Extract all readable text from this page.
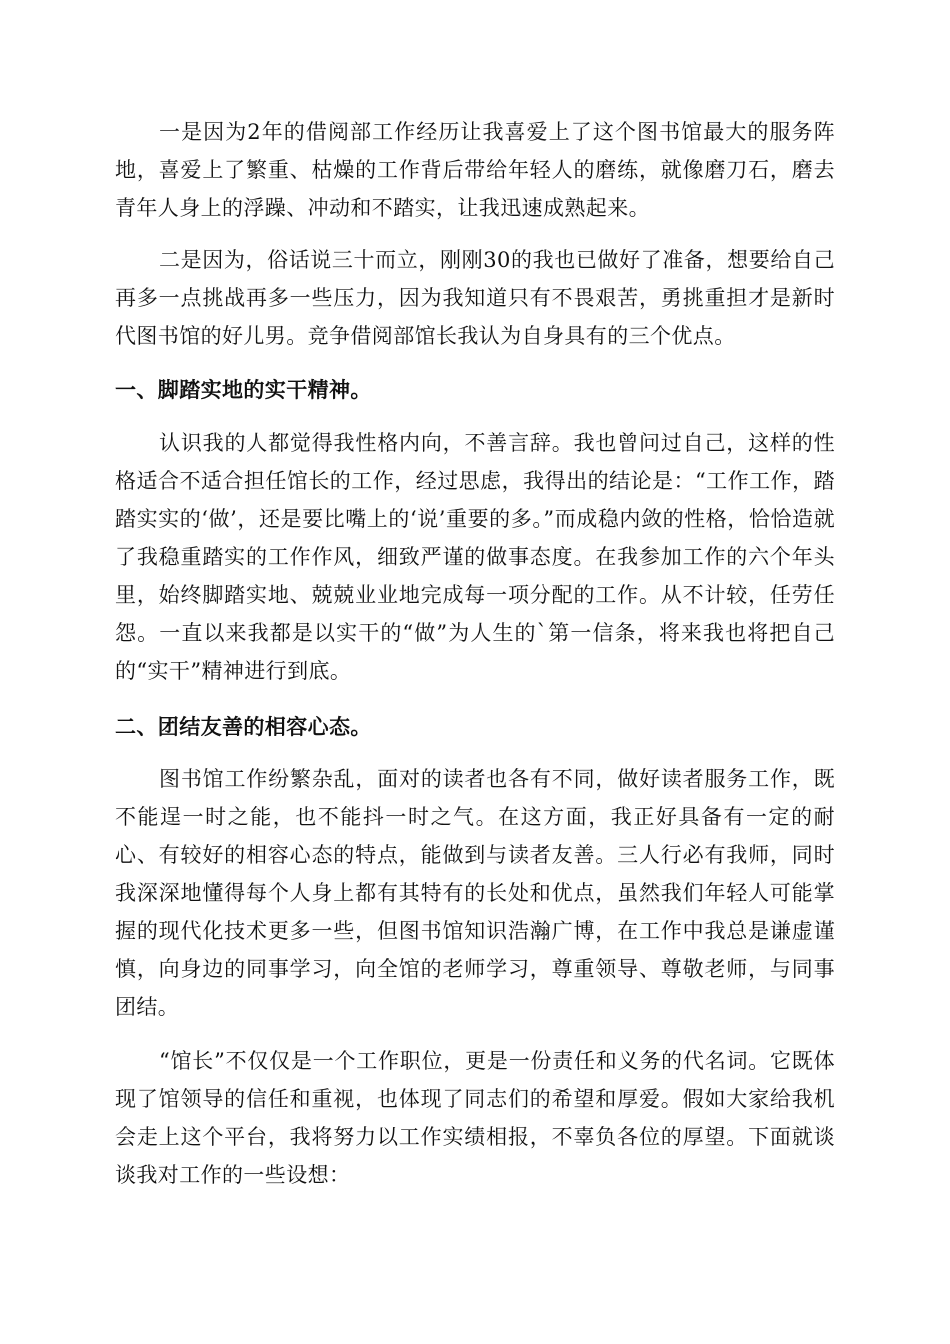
一是因为2年的借阅部工作经历让我喜爱上了这个图书馆最大的服务阵地，喜爱上了繁重、枯燥的工作背后带给年轻人的磨练，就像磨刀石，磨去青年人身上的浮躁、冲动和不踏实，让我迅速成熟起来。

二是因为，俗话说三十而立，刚刚30的我也已做好了准备，想要给自己再多一点挑战再多一些压力，因为我知道只有不畏艰苦，勇挑重担才是新时代图书馆的好儿男。竞争借阅部馆长我认为自身具有的三个优点。

一、脚踏实地的实干精神。

认识我的人都觉得我性格内向，不善言辞。我也曾问过自己，这样的性格适合不适合担任馆长的工作，经过思虑，我得出的结论是：“工作工作，踏踏实实的‘做’，还是要比嘴上的‘说’重要的多。”而成稳内敛的性格，恰恰造就了我稳重踏实的工作作风，细致严谨的做事态度。在我参加工作的六个年头里，始终脚踏实地、兢兢业业地完成每一项分配的工作。从不计较，任劳任怨。一直以来我都是以实干的“做”为人生的`第一信条，将来我也将把自己的“实干”精神进行到底。

二、团结友善的相容心态。

图书馆工作纷繁杂乱，面对的读者也各有不同，做好读者服务工作，既不能逞一时之能，也不能抖一时之气。在这方面，我正好具备有一定的耐心、有较好的相容心态的特点，能做到与读者友善。三人行必有我师，同时我深深地懂得每个人身上都有其特有的长处和优点，虽然我们年轻人可能掌握的现代化技术更多一些，但图书馆知识浩瀚广博，在工作中我总是谦虚谨慎，向身边的同事学习，向全馆的老师学习，尊重领导、尊敬老师，与同事团结。

“馆长”不仅仅是一个工作职位，更是一份责任和义务的代名词。它既体现了馆领导的信任和重视，也体现了同志们的希望和厚爱。假如大家给我机会走上这个平台，我将努力以工作实绩相报，不辜负各位的厚望。下面就谈谈我对工作的一些设想：
